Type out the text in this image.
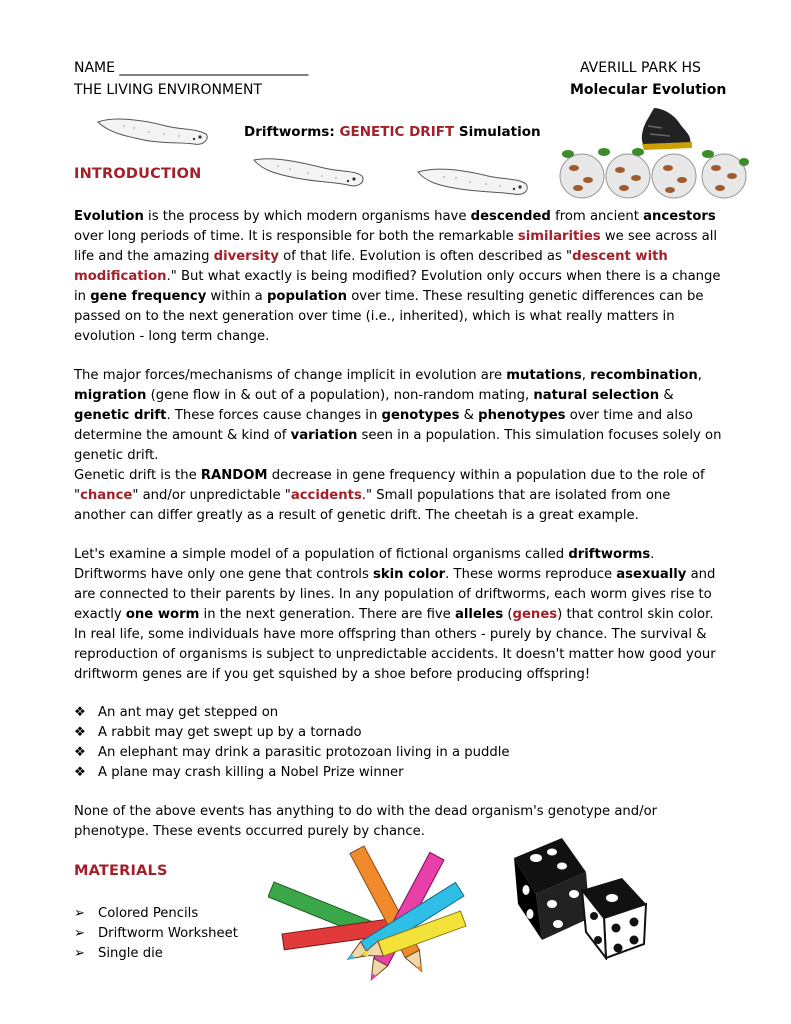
NAME ___________________________	AVERILL PARK HS
THE LIVING ENVIRONMENT	Molecular Evolution
Driftworms: GENETIC DRIFT Simulation
INTRODUCTION

Evolution is the process by which modern organisms have descended from ancient ancestors over long periods of time. It is responsible for both the remarkable similarities we see across all life and the amazing diversity of that life. Evolution is often described as "descent with modification." But what exactly is being modified? Evolution only occurs when there is a change in gene frequency within a population over time. These resulting genetic differences can be passed on to the next generation over time (i.e., inherited), which is what really matters in evolution - long term change.

The major forces/mechanisms of change implicit in evolution are mutations, recombination, migration (gene flow in & out of a population), non-random mating, natural selection & genetic drift. These forces cause changes in genotypes & phenotypes over time and also determine the amount & kind of variation seen in a population. This simulation focuses solely on genetic drift.

Genetic drift is the RANDOM decrease in gene frequency within a population due to the role of "chance" and/or unpredictable "accidents." Small populations that are isolated from one another can differ greatly as a result of genetic drift. The cheetah is a great example.

Let's examine a simple model of a population of fictional organisms called driftworms. Driftworms have only one gene that controls skin color. These worms reproduce asexually and are connected to their parents by lines. In any population of driftworms, each worm gives rise to exactly one worm in the next generation. There are five alleles (genes) that control skin color. In real life, some individuals have more offspring than others - purely by chance. The survival & reproduction of organisms is subject to unpredictable accidents. It doesn't matter how good your driftworm genes are if you get squished by a shoe before producing offspring!

❖ An ant may get stepped on
❖ A rabbit may get swept up by a tornado
❖ An elephant may drink a parasitic protozoan living in a puddle
❖ A plane may crash killing a Nobel Prize winner

None of the above events has anything to do with the dead organism's genotype and/or phenotype. These events occurred purely by chance.

MATERIALS
➢ Colored Pencils
➢ Driftworm Worksheet
➢ Single die
